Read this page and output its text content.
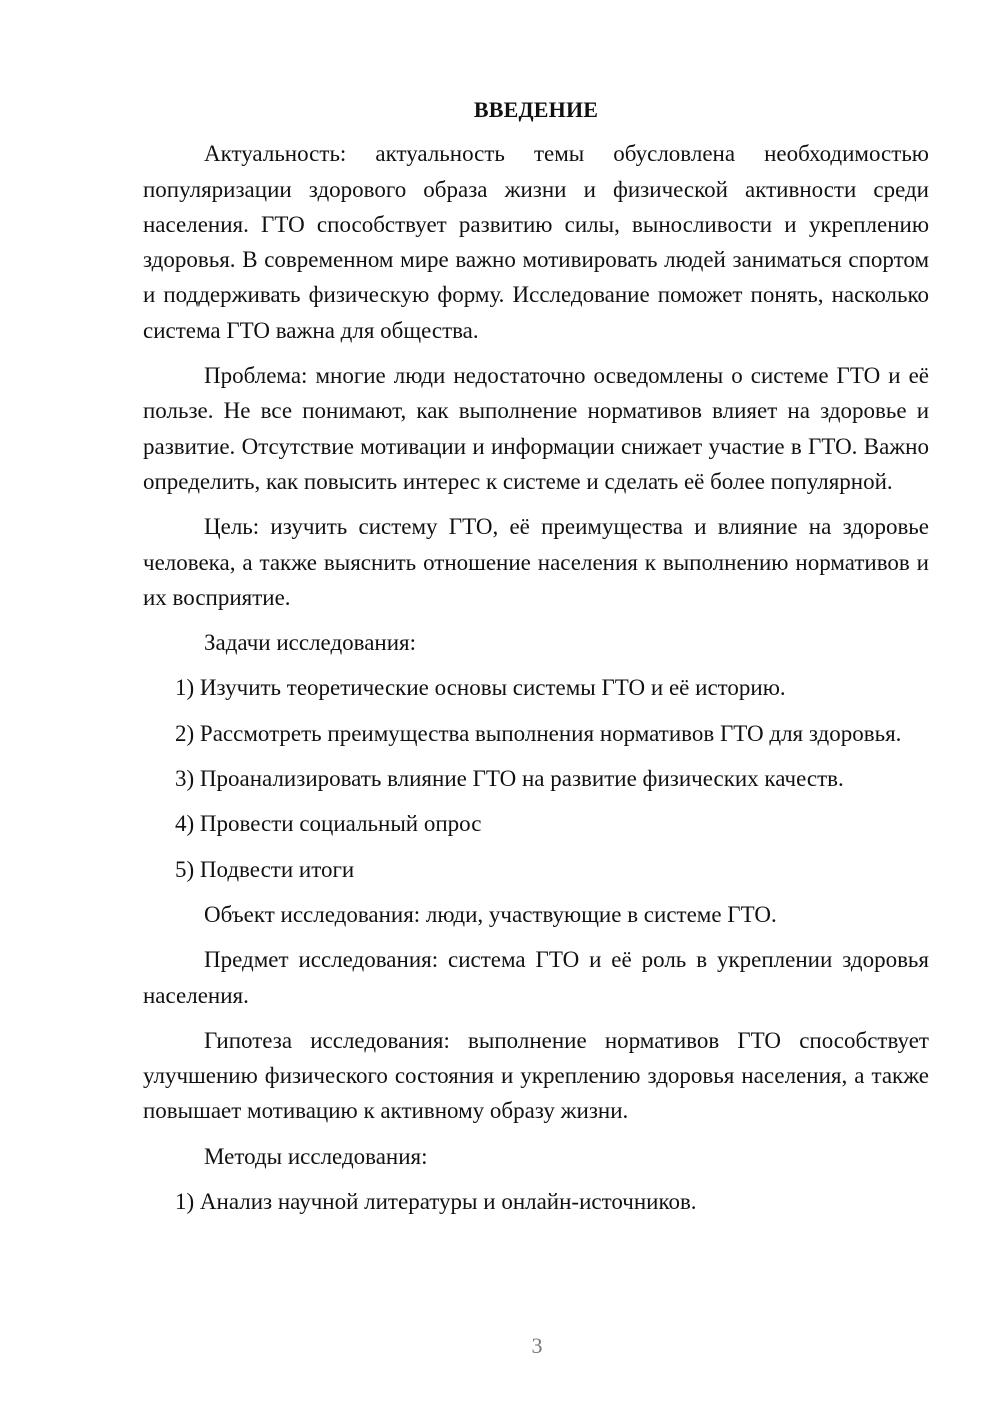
ВВЕДЕНИЕ

Актуальность: актуальность темы обусловлена необходимостью популяризации здорового образа жизни и физической активности среди населения. ГТО способствует развитию силы, выносливости и укреплению здоровья. В современном мире важно мотивировать людей заниматься спортом и поддерживать физическую форму. Исследование поможет понять, насколько система ГТО важна для общества.

Проблема: многие люди недостаточно осведомлены о системе ГТО и её пользе. Не все понимают, как выполнение нормативов влияет на здоровье и развитие. Отсутствие мотивации и информации снижает участие в ГТО. Важно определить, как повысить интерес к системе и сделать её более популярной.

Цель: изучить систему ГТО, её преимущества и влияние на здоровье человека, а также выяснить отношение населения к выполнению нормативов и их восприятие.

Задачи исследования:

1) Изучить теоретические основы системы ГТО и её историю.

2) Рассмотреть преимущества выполнения нормативов ГТО для здоровья.

3) Проанализировать влияние ГТО на развитие физических качеств.

4) Провести социальный опрос

5) Подвести итоги

Объект исследования: люди, участвующие в системе ГТО.

Предмет исследования: система ГТО и её роль в укреплении здоровья населения.

Гипотеза исследования: выполнение нормативов ГТО способствует улучшению физического состояния и укреплению здоровья населения, а также повышает мотивацию к активному образу жизни.

Методы исследования:

1) Анализ научной литературы и онлайн-источников.

3
